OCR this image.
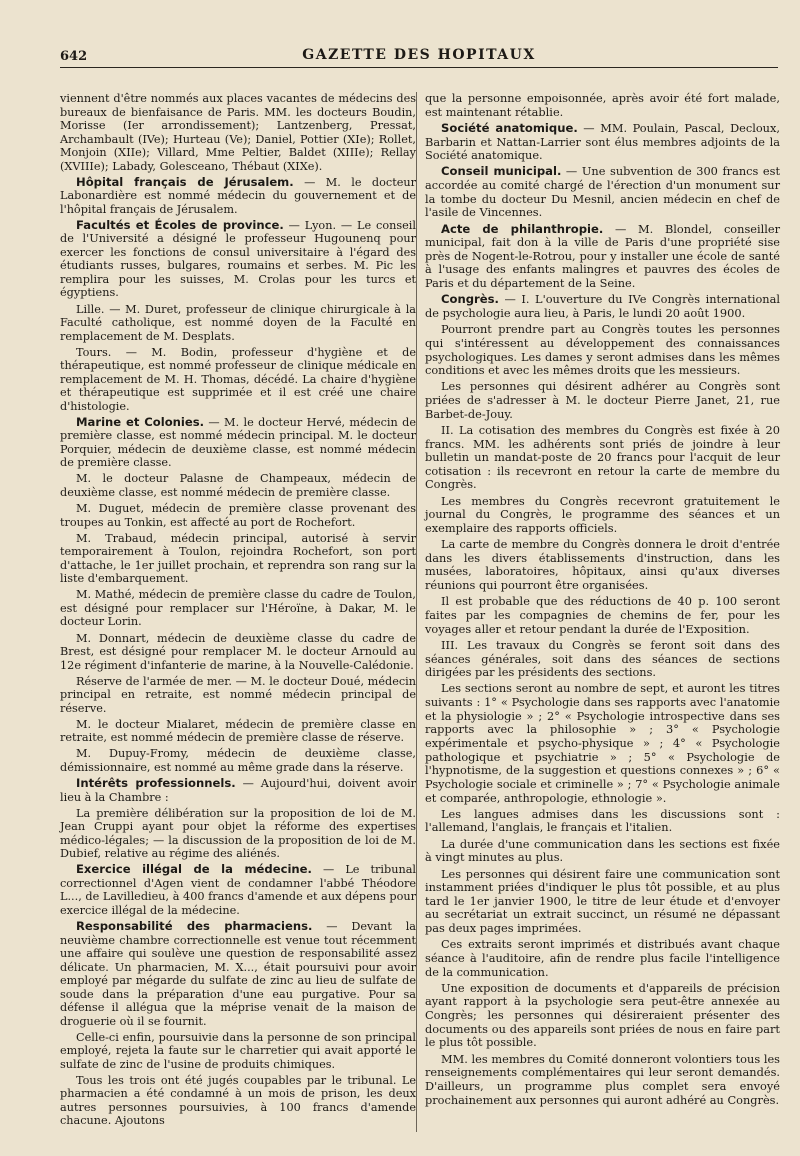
642	GAZETTE DES HOPITAUX

viennent d'être nommés aux places vacantes de médecins des bureaux de bienfaisance de Paris. MM. les docteurs Boudin, Morisse (Ier arrondissement); Lantzenberg, Pressat, Archambault (IVe); Hurteau (Ve); Daniel, Pottier (XIe); Rollet, Monjoin (XIIe); Villard, Mme Peltier, Baldet (XIIIe); Rellay (XVIIIe); Labady, Golesceano, Thébaut (XIXe).

Hôpital français de Jérusalem. — M. le docteur Labonardière est nommé médecin du gouvernement et de l'hôpital français de Jérusalem.

Facultés et Écoles de province. — Lyon. — Le conseil de l'Université a désigné le professeur Hugounenq pour exercer les fonctions de consul universitaire à l'égard des étudiants russes, bulgares, roumains et serbes. M. Pic les remplira pour les suisses, M. Crolas pour les turcs et égyptiens.

Lille. — M. Duret, professeur de clinique chirurgicale à la Faculté catholique, est nommé doyen de la Faculté en remplacement de M. Desplats.

Tours. — M. Bodin, professeur d'hygiène et de thérapeutique, est nommé professeur de clinique médicale en remplacement de M. H. Thomas, décédé. La chaire d'hygiène et thérapeutique est supprimée et il est créé une chaire d'histologie.

Marine et Colonies. — M. le docteur Hervé, médecin de première classe, est nommé médecin principal. M. le docteur Porquier, médecin de deuxième classe, est nommé médecin de première classe.

M. le docteur Palasne de Champeaux, médecin de deuxième classe, est nommé médecin de première classe.

M. Duguet, médecin de première classe provenant des troupes au Tonkin, est affecté au port de Rochefort.

M. Trabaud, médecin principal, autorisé à servir temporairement à Toulon, rejoindra Rochefort, son port d'attache, le 1er juillet prochain, et reprendra son rang sur la liste d'embarquement.

M. Mathé, médecin de première classe du cadre de Toulon, est désigné pour remplacer sur l'Héroïne, à Dakar, M. le docteur Lorin.

M. Donnart, médecin de deuxième classe du cadre de Brest, est désigné pour remplacer M. le docteur Arnould au 12e régiment d'infanterie de marine, à la Nouvelle-Calédonie.

Réserve de l'armée de mer. — M. le docteur Doué, médecin principal en retraite, est nommé médecin principal de réserve.

M. le docteur Mialaret, médecin de première classe en retraite, est nommé médecin de première classe de réserve.

M. Dupuy-Fromy, médecin de deuxième classe, démissionnaire, est nommé au même grade dans la réserve.

Intérêts professionnels. — Aujourd'hui, doivent avoir lieu à la Chambre :

La première délibération sur la proposition de loi de M. Jean Cruppi ayant pour objet la réforme des expertises médico-légales; — la discussion de la proposition de loi de M. Dubief, relative au régime des aliénés.

Exercice illégal de la médecine. — Le tribunal correctionnel d'Agen vient de condamner l'abbé Théodore L..., de Lavilledieu, à 400 francs d'amende et aux dépens pour exercice illégal de la médecine.

Responsabilité des pharmaciens. — Devant la neuvième chambre correctionnelle est venue tout récemment une affaire qui soulève une question de responsabilité assez délicate. Un pharmacien, M. X..., était poursuivi pour avoir employé par mégarde du sulfate de zinc au lieu de sulfate de soude dans la préparation d'une eau purgative. Pour sa défense il allégua que la méprise venait de la maison de droguerie où il se fournit.

Celle-ci enfin, poursuivie dans la personne de son principal employé, rejeta la faute sur le charretier qui avait apporté le sulfate de zinc de l'usine de produits chimiques.

Tous les trois ont été jugés coupables par le tribunal. Le pharmacien a été condamné à un mois de prison, les deux autres personnes poursuivies, à 100 francs d'amende chacune. Ajoutons

que la personne empoisonnée, après avoir été fort malade, est maintenant rétablie.

Société anatomique. — MM. Poulain, Pascal, Decloux, Barbarin et Nattan-Larrier sont élus membres adjoints de la Société anatomique.

Conseil municipal. — Une subvention de 300 francs est accordée au comité chargé de l'érection d'un monument sur la tombe du docteur Du Mesnil, ancien médecin en chef de l'asile de Vincennes.

Acte de philanthropie. — M. Blondel, conseiller municipal, fait don à la ville de Paris d'une propriété sise près de Nogent-le-Rotrou, pour y installer une école de santé à l'usage des enfants malingres et pauvres des écoles de Paris et du département de la Seine.

Congrès. — I. L'ouverture du IVe Congrès international de psychologie aura lieu, à Paris, le lundi 20 août 1900.

Pourront prendre part au Congrès toutes les personnes qui s'intéressent au développement des connaissances psychologiques. Les dames y seront admises dans les mêmes conditions et avec les mêmes droits que les messieurs.

Les personnes qui désirent adhérer au Congrès sont priées de s'adresser à M. le docteur Pierre Janet, 21, rue Barbet-de-Jouy.

II. La cotisation des membres du Congrès est fixée à 20 francs. MM. les adhérents sont priés de joindre à leur bulletin un mandat-poste de 20 francs pour l'acquit de leur cotisation : ils recevront en retour la carte de membre du Congrès.

Les membres du Congrès recevront gratuitement le journal du Congrès, le programme des séances et un exemplaire des rapports officiels.

La carte de membre du Congrès donnera le droit d'entrée dans les divers établissements d'instruction, dans les musées, laboratoires, hôpitaux, ainsi qu'aux diverses réunions qui pourront être organisées.

Il est probable que des réductions de 40 p. 100 seront faites par les compagnies de chemins de fer, pour les voyages aller et retour pendant la durée de l'Exposition.

III. Les travaux du Congrès se feront soit dans des séances générales, soit dans des séances de sections dirigées par les présidents des sections.

Les sections seront au nombre de sept, et auront les titres suivants : 1° « Psychologie dans ses rapports avec l'anatomie et la physiologie » ; 2° « Psychologie introspective dans ses rapports avec la philosophie » ; 3° « Psychologie expérimentale et psycho-physique » ; 4° « Psychologie pathologique et psychiatrie » ; 5° « Psychologie de l'hypnotisme, de la suggestion et questions connexes » ; 6° « Psychologie sociale et criminelle » ; 7° « Psychologie animale et comparée, anthropologie, ethnologie ».

Les langues admises dans les discussions sont : l'allemand, l'anglais, le français et l'italien.

La durée d'une communication dans les sections est fixée à vingt minutes au plus.

Les personnes qui désirent faire une communication sont instamment priées d'indiquer le plus tôt possible, et au plus tard le 1er janvier 1900, le titre de leur étude et d'envoyer au secrétariat un extrait succinct, un résumé ne dépassant pas deux pages imprimées.

Ces extraits seront imprimés et distribués avant chaque séance à l'auditoire, afin de rendre plus facile l'intelligence de la communication.

Une exposition de documents et d'appareils de précision ayant rapport à la psychologie sera peut-être annexée au Congrès; les personnes qui désireraient présenter des documents ou des appareils sont priées de nous en faire part le plus tôt possible.

MM. les membres du Comité donneront volontiers tous les renseignements complémentaires qui leur seront demandés. D'ailleurs, un programme plus complet sera envoyé prochainement aux personnes qui auront adhéré au Congrès.
